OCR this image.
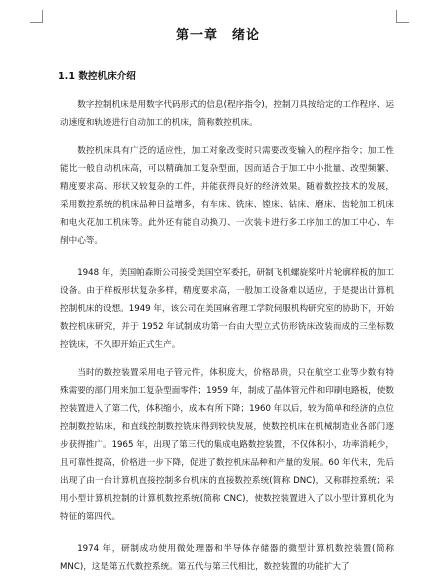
第一章　绪论
1.1 数控机床介绍

数字控制机床是用数字代码形式的信息(程序指令)，控制刀具按给定的工作程序、运动速度和轨迹进行自动加工的机床，简称数控机床。

数控机床具有广泛的适应性，加工对象改变时只需要改变输入的程序指令；加工性能比一般自动机床高，可以精确加工复杂型面，因而适合于加工中小批量、改型频繁、精度要求高、形状又较复杂的工件，并能获得良好的经济效果。随着数控技术的发展，采用数控系统的机床品种日益增多，有车床、铣床、镗床、钻床、磨床、齿轮加工机床和电火花加工机床等。此外还有能自动换刀、一次装卡进行多工序加工的加工中心、车削中心等。

1948 年，美国帕森斯公司接受美国空军委托，研制飞机螺旋桨叶片轮廓样板的加工设备。由于样板形状复杂多样，精度要求高，一般加工设备难以适应，于是提出计算机控制机床的设想。1949 年，该公司在美国麻省理工学院伺服机构研究室的协助下，开始数控机床研究，并于 1952 年试制成功第一台由大型立式仿形铣床改装而成的三坐标数控铣床，不久即开始正式生产。

当时的数控装置采用电子管元件，体积庞大，价格昂贵，只在航空工业等少数有特殊需要的部门用来加工复杂型面零件；1959 年，制成了晶体管元件和印刷电路板，使数控装置进入了第二代，体积缩小，成本有所下降；1960 年以后，较为简单和经济的点位控制数控钻床，和直线控制数控铣床得到较快发展，使数控机床在机械制造业各部门逐步获得推广。1965 年，出现了第三代的集成电路数控装置，不仅体积小，功率消耗少，且可靠性提高，价格进一步下降，促进了数控机床品种和产量的发展。60 年代末，先后出现了由一台计算机直接控制多台机床的直接数控系统(简称 DNC)，又称群控系统；采用小型计算机控制的计算机数控系统(简称 CNC)，使数控装置进入了以小型计算机化为特征的第四代。

1974 年，研制成功使用微处理器和半导体存储器的微型计算机数控装置(简称 MNC)，这是第五代数控系统。第五代与第三代相比，数控装置的功能扩大了
